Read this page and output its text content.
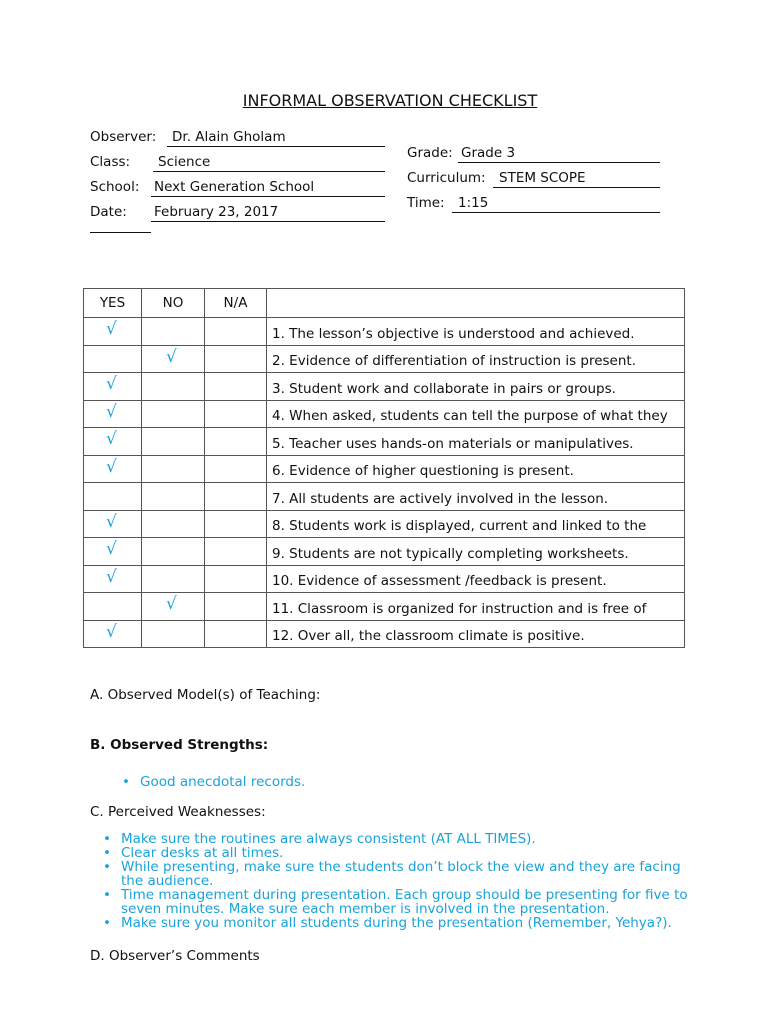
INFORMAL OBSERVATION CHECKLIST
Observer:	Dr. Alain Gholam
Class:	Science
School: Next Generation School
Date: February 23, 2017
Grade: Grade 3
Curriculum: STEM SCOPE
Time: 1:15
YES	NO	N/A	

√			1. The lesson’s objective is understood and achieved.

	√		2. Evidence of differentiation of instruction is present.

√			3. Student work and collaborate in pairs or groups.

√			4. When asked, students can tell the purpose of what they

√			5. Teacher uses hands-on materials or manipulatives.

√			6. Evidence of higher questioning is present.
			7. All students are actively involved in the lesson.

√			8. Students work is displayed, current and linked to the

√			9. Students are not typically completing worksheets.

√			10. Evidence of assessment /feedback is present.

	√		11. Classroom is organized for instruction and is free of

√			12. Over all, the classroom climate is positive.
A. Observed Model(s) of Teaching:
B. Observed Strengths:
• Good anecdotal records.
C. Perceived Weaknesses:
• Make sure the routines are always consistent (AT ALL TIMES).
• Clear desks at all times.
• While presenting, make sure the students don’t block the view and they are facing the audience.
• Time management during presentation. Each group should be presenting for five to seven minutes. Make sure each member is involved in the presentation.
• Make sure you monitor all students during the presentation (Remember, Yehya?).
D. Observer’s Comments
